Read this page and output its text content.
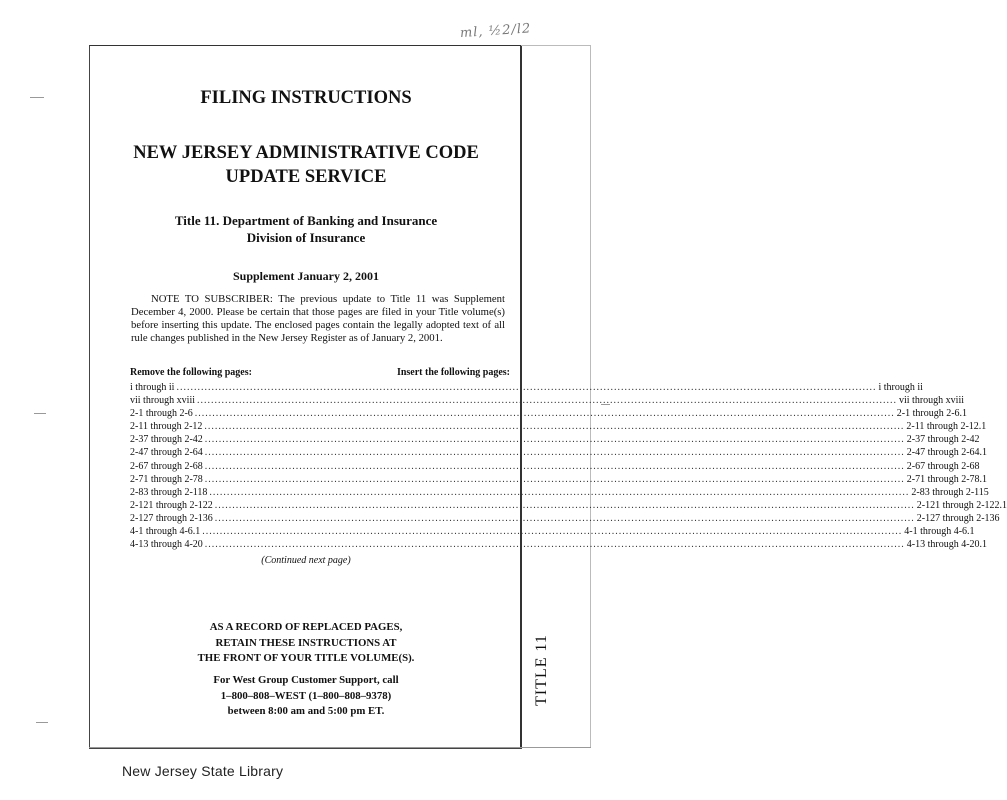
ml, ½2/l2
TITLE 11
FILING INSTRUCTIONS
NEW JERSEY ADMINISTRATIVE CODE
UPDATE SERVICE
Title 11. Department of Banking and Insurance
Division of Insurance
Supplement January 2, 2001
NOTE TO SUBSCRIBER: The previous update to Title 11 was Supplement December 4, 2000. Please be certain that those pages are filed in your Title volume(s) before inserting this update. The enclosed pages contain the legally adopted text of all rule changes published in the New Jersey Register as of January 2, 2001.
Remove the following pages:	Insert the following pages:
i through ii ........................................................................................................................................................................................................ i through ii
vii through xviii ........................................................................................................................................................................................................ vii through xviii
2-1 through 2-6 ........................................................................................................................................................................................................ 2-1 through 2-6.1
2-11 through 2-12 ........................................................................................................................................................................................................ 2-11 through 2-12.1
2-37 through 2-42 ........................................................................................................................................................................................................ 2-37 through 2-42
2-47 through 2-64 ........................................................................................................................................................................................................ 2-47 through 2-64.1
2-67 through 2-68 ........................................................................................................................................................................................................ 2-67 through 2-68
2-71 through 2-78 ........................................................................................................................................................................................................ 2-71 through 2-78.1
2-83 through 2-118 ........................................................................................................................................................................................................ 2-83 through 2-115
2-121 through 2-122 ........................................................................................................................................................................................................ 2-121 through 2-122.1
2-127 through 2-136 ........................................................................................................................................................................................................ 2-127 through 2-136
4-1 through 4-6.1 ........................................................................................................................................................................................................ 4-1 through 4-6.1
4-13 through 4-20 ........................................................................................................................................................................................................ 4-13 through 4-20.1
(Continued next page)
AS A RECORD OF REPLACED PAGES,
RETAIN THESE INSTRUCTIONS AT
THE FRONT OF YOUR TITLE VOLUME(S).
For West Group Customer Support, call
1–800–808–WEST (1–800–808–9378)
between 8:00 am and 5:00 pm ET.
New Jersey State Library
